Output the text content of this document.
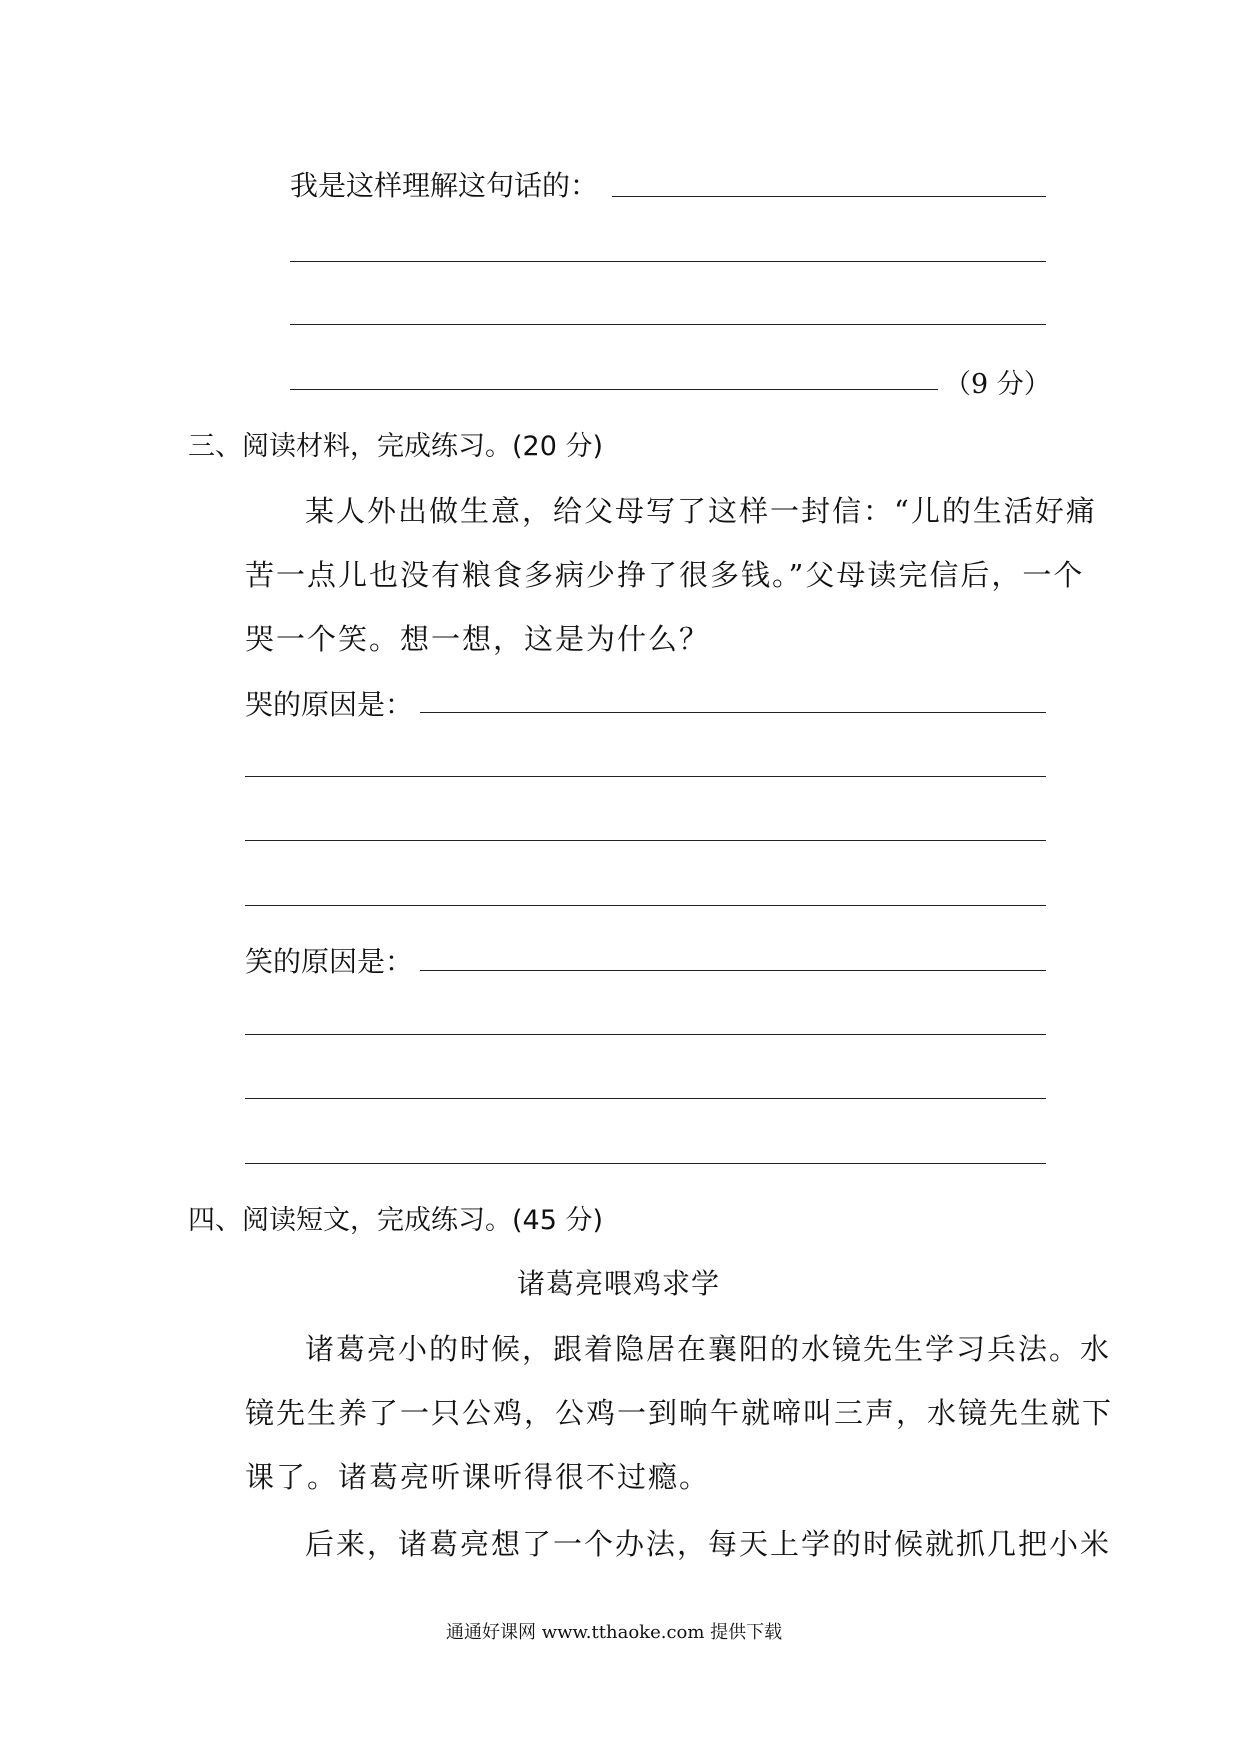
我是这样理解这句话的：
（9 分）
三、阅读材料，完成练习。(20 分)
某人外出做生意，给父母写了这样一封信：“儿的生活好痛
苦一点儿也没有粮食多病少挣了很多钱。”父母读完信后，一个
哭一个笑。想一想，这是为什么？
哭的原因是：
笑的原因是：
四、阅读短文，完成练习。(45 分)
诸葛亮喂鸡求学
诸葛亮小的时候，跟着隐居在襄阳的水镜先生学习兵法。水
镜先生养了一只公鸡，公鸡一到晌午就啼叫三声，水镜先生就下
课了。诸葛亮听课听得很不过瘾。
后来，诸葛亮想了一个办法，每天上学的时候就抓几把小米
通通好课网 www.tthaoke.com 提供下载
